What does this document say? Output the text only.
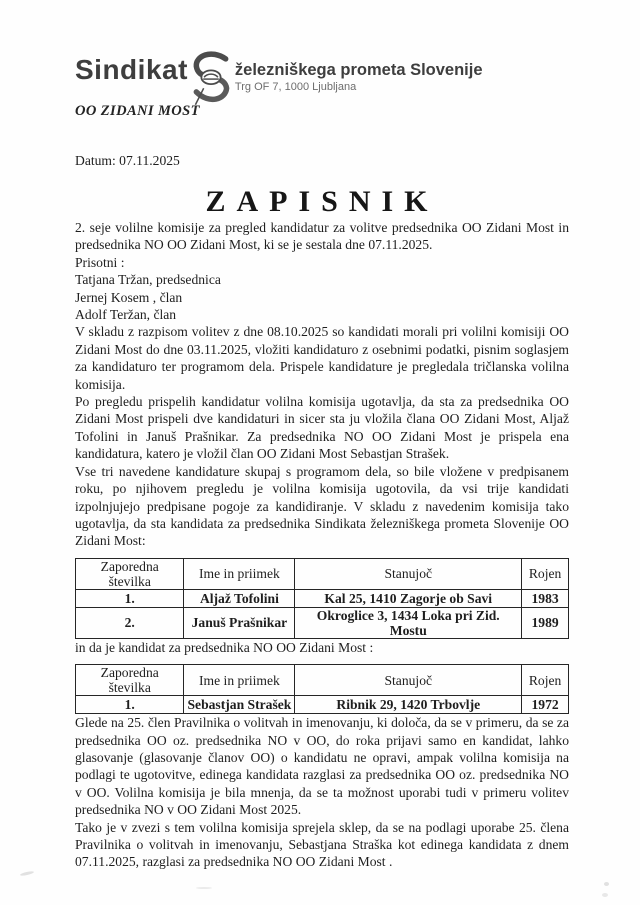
Sindikat	železniškega prometa Slovenije
Trg OF 7, 1000 Ljubljana
OO ZIDANI MOST
Datum: 07.11.2025
ZAPISNIK

2. seje volilne komisije za pregled kandidatur za volitve predsednika OO Zidani Most in predsednika NO OO Zidani Most, ki se je sestala dne 07.11.2025.

Prisotni :

Tatjana Tržan, predsednica

Jernej Kosem , član

Adolf Teržan, član

V skladu z razpisom volitev z dne 08.10.2025 so kandidati morali pri volilni komisiji OO Zidani Most do dne 03.11.2025, vložiti kandidaturo z osebnimi podatki, pisnim soglasjem za kandidaturo ter programom dela. Prispele kandidature je pregledala tričlanska volilna komisija.

Po pregledu prispelih kandidatur volilna komisija ugotavlja, da sta za predsednika OO Zidani Most prispeli dve kandidaturi in sicer sta ju vložila člana OO Zidani Most, Aljaž Tofolini in Januš Prašnikar. Za predsednika NO OO Zidani Most je prispela ena kandidatura, katero je vložil član OO Zidani Most Sebastjan Strašek.

Vse tri navedene kandidature skupaj s programom dela, so bile vložene v predpisanem roku, po njihovem pregledu je volilna komisija ugotovila, da vsi trije kandidati izpolnjujejo predpisane pogoje za kandidiranje. V skladu z navedenim komisija tako ugotavlja, da sta kandidata za predsednika Sindikata železniškega prometa Slovenije OO Zidani Most:

Zaporedna številka	Ime in priimek	Stanujoč	Rojen
1.	Aljaž Tofolini	Kal 25, 1410 Zagorje ob Savi	1983
2.	Januš Prašnikar	Okroglice 3, 1434 Loka pri Zid. Mostu	1989

in da je kandidat za predsednika NO OO Zidani Most :

Zaporedna številka	Ime in priimek	Stanujoč	Rojen
1.	Sebastjan Strašek	Ribnik 29, 1420 Trbovlje	1972

Glede na 25. člen Pravilnika o volitvah in imenovanju, ki določa, da se v primeru, da se za predsednika OO oz. predsednika NO v OO, do roka prijavi samo en kandidat, lahko glasovanje (glasovanje članov OO) o kandidatu ne opravi, ampak volilna komisija na podlagi te ugotovitve, edinega kandidata razglasi za predsednika OO oz. predsednika NO v OO. Volilna komisija je bila mnenja, da se ta možnost uporabi tudi v primeru volitev predsednika NO v OO Zidani Most 2025.

Tako je v zvezi s tem volilna komisija sprejela sklep, da se na podlagi uporabe 25. člena Pravilnika o volitvah in imenovanju, Sebastjana Straška kot edinega kandidata z dnem 07.11.2025, razglasi za predsednika NO OO Zidani Most .
